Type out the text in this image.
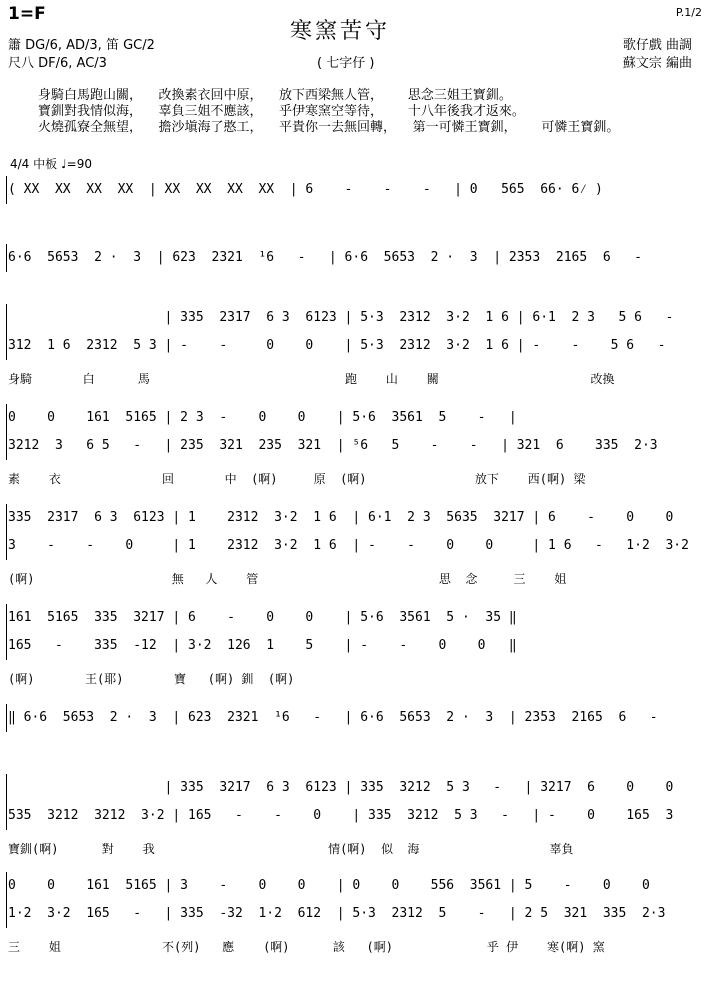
1=F	P.1/2
寒窯苦守
( 七字仔 )
簫 DG/6, AD/3, 笛 GC/2
尺八 DF/6, AC/3
歌仔戲 曲調
蘇文宗 編曲
身騎白馬跑山關，    改換素衣回中原，    放下西梁無人管，      思念三姐王寶釧。
寶釧對我情似海，    辜負三姐不應該，    乎伊寒窯空等待，      十八年後我才返來。
火燒孤寮全無望，    擔沙塡海了憨工，    平貴你一去無回轉，    第一可憐王寶釧，      可憐王寶釧。
4/4 中板 ♩=90
( XX  XX  XX  XX  | XX  XX  XX  XX  | 6    -    -    -   | 0   565  66· 6⁄ )
6·6  5653  2 ·  3  | 623  2321  ¹6   -   | 6·6  5653  2 ·  3  | 2353  2165  6   -
| 335  2317  6 3  6123 | 5·3  2312  3·2  1 6 | 6·1  2 3   5 6   -
312  1 6  2312  5 3 | -    -     0    0    | 5·3  2312  3·2  1 6 | -    -    5 6   -
身騎       白      馬                           跑    山    關                     改換
0    0    161  5165 | 2 3  -    0    0    | 5·6  3561  5    -   |
3212  3   6 5   -   | 235  321  235  321  | ⁵6   5    -    -   | 321  6    335  2·3
素    衣              回       中  (啊)     原  (啊)               放下    西(啊) 梁
335  2317  6 3  6123 | 1    2312  3·2  1 6  | 6·1  2 3  5635  3217 | 6    -    0    0
3    -    -    0     | 1    2312  3·2  1 6  | -    -    0    0     | 1 6   -   1·2  3·2
(啊)                   無   人    管                         思  念     三    姐
161  5165  335  3217 | 6    -    0    0    | 5·6  3561  5 ·  35 ‖
165   -    335  -12  | 3·2  126  1    5    | -    -    0    0   ‖
(啊)       王(耶)       寶   (啊) 釧  (啊)
‖ 6·6  5653  2 ·  3  | 623  2321  ¹6   -   | 6·6  5653  2 ·  3  | 2353  2165  6   -
| 335  3217  6 3  6123 | 335  3212  5 3   -   | 3217  6    0    0
535  3212  3212  3·2 | 165   -    -    0    | 335  3212  5 3   -   | -    0    165  3
寶釧(啊)      對    我                        情(啊)  似  海                  辜負
0    0    161  5165 | 3    -    0    0    | 0    0    556  3561 | 5    -    0    0
1·2  3·2  165   -   | 335  -32  1·2  612  | 5·3  2312  5    -   | 2 5  321  335  2·3
三    姐              不(列)   應    (啊)      該   (啊)             乎 伊    寒(啊) 窯
